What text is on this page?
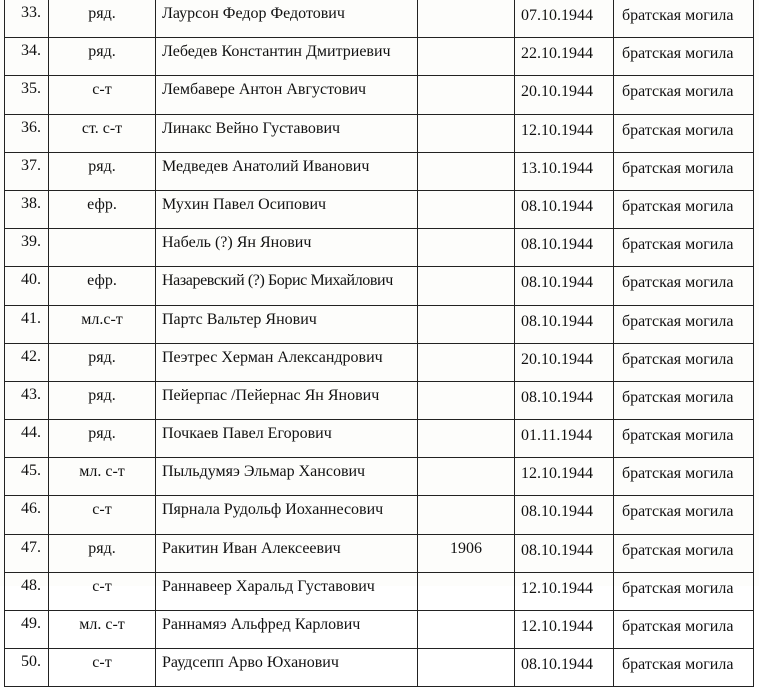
33.	ряд.	Лаурсон Федор Федотович		07.10.1944	братская могила
34.	ряд.	Лебедев Константин Дмитриевич		22.10.1944	братская могила
35.	с-т	Лембавере Антон Августович		20.10.1944	братская могила
36.	ст. с-т	Линакс Вейно Густавович		12.10.1944	братская могила
37.	ряд.	Медведев Анатолий Иванович		13.10.1944	братская могила
38.	ефр.	Мухин Павел Осипович		08.10.1944	братская могила
39.		Набель (?) Ян Янович		08.10.1944	братская могила
40.	ефр.	Назаревский (?) Борис Михайлович		08.10.1944	братская могила
41.	мл.с-т	Партс Вальтер Янович		08.10.1944	братская могила
42.	ряд.	Пеэтрес Херман Александрович		20.10.1944	братская могила
43.	ряд.	Пейерпас /Пейернас Ян Янович		08.10.1944	братская могила
44.	ряд.	Почкаев Павел Егорович		01.11.1944	братская могила
45.	мл. с-т	Пыльдумяэ Эльмар Хансович		12.10.1944	братская могила
46.	с-т	Пярнала Рудольф Иоханнесович		08.10.1944	братская могила
47.	ряд.	Ракитин Иван Алексеевич	1906	08.10.1944	братская могила
48.	с-т	Раннавеер Харальд Густавович		12.10.1944	братская могила
49.	мл. с-т	Раннамяэ Альфред Карлович		12.10.1944	братская могила
50.	с-т	Раудсепп Арво Юханович		08.10.1944	братская могила
